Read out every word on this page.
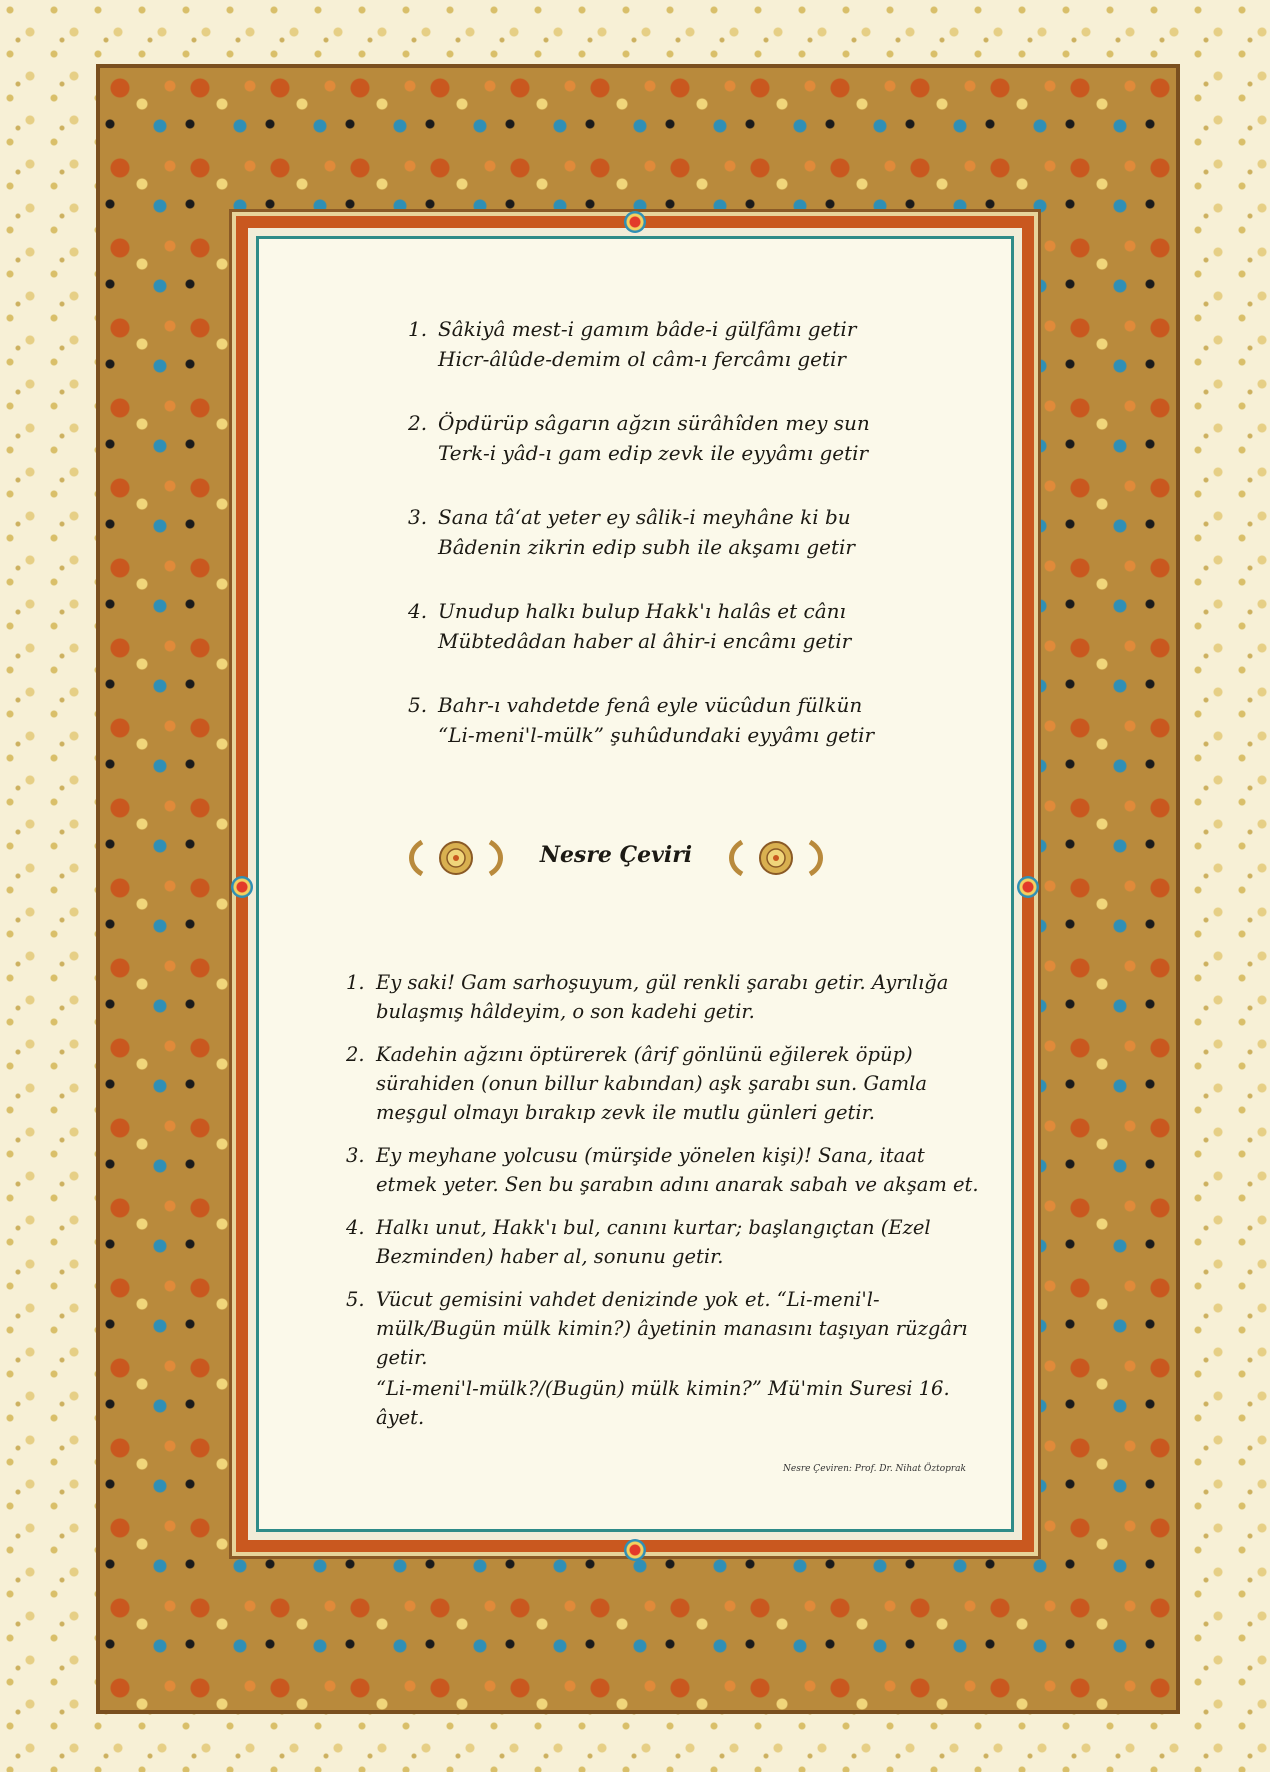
1. Sâkiyâ mest-i gamım bâde-i gülfâmı getir
Hicr-âlûde-demim ol câm-ı fercâmı getir
2. Öpdürüp sâgarın ağzın sürâhîden mey sun
Terk-i yâd-ı gam edip zevk ile eyyâmı getir
3. Sana tâ‘at yeter ey sâlik-i meyhâne ki bu
Bâdenin zikrin edip subh ile akşamı getir
4. Unudup halkı bulup Hakk'ı halâs et cânı
Mübtedâdan haber al âhir-i encâmı getir
5. Bahr-ı vahdetde fenâ eyle vücûdun fülkün
“Li-meni'l-mülk” şuhûdundaki eyyâmı getir
Nesre Çeviri
1. Ey saki! Gam sarhoşuyum, gül renkli şarabı getir. Ayrılığa bulaşmış hâldeyim, o son kadehi getir.
2. Kadehin ağzını öptürerek (ârif gönlünü eğilerek öpüp) sürahiden (onun billur kabından) aşk şarabı sun. Gamla meşgul olmayı bırakıp zevk ile mutlu günleri getir.
3. Ey meyhane yolcusu (mürşide yönelen kişi)! Sana, itaat etmek yeter. Sen bu şarabın adını anarak sabah ve akşam et.
4. Halkı unut, Hakk'ı bul, canını kurtar; başlangıçtan (Ezel Bezminden) haber al, sonunu getir.
5. Vücut gemisini vahdet denizinde yok et. “Li-meni'l-mülk/Bugün mülk kimin?) âyetinin manasını taşıyan rüzgârı getir.
“Li-meni'l-mülk?/(Bugün) mülk kimin?” Mü'min Suresi 16. âyet.
Nesre Çeviren: Prof. Dr. Nihat Öztoprak
